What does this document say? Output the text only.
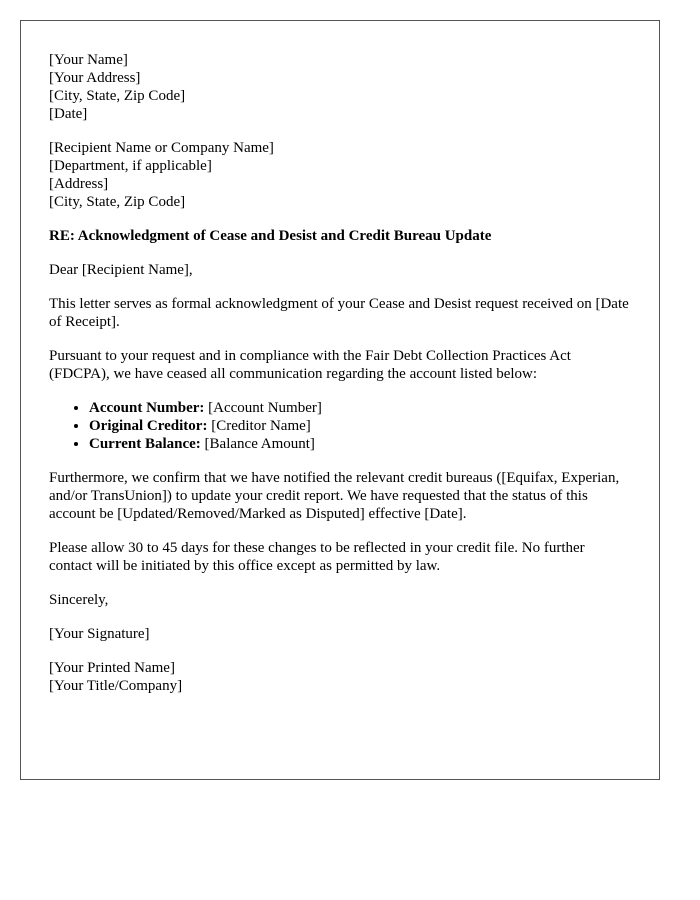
[Your Name]
[Your Address]
[City, State, Zip Code]
[Date]
[Recipient Name or Company Name]
[Department, if applicable]
[Address]
[City, State, Zip Code]
RE: Acknowledgment of Cease and Desist and Credit Bureau Update

Dear [Recipient Name],

This letter serves as formal acknowledgment of your Cease and Desist request received on [Date of Receipt].

Pursuant to your request and in compliance with the Fair Debt Collection Practices Act (FDCPA), we have ceased all communication regarding the account listed below:

• Account Number: [Account Number]
• Original Creditor: [Creditor Name]
• Current Balance: [Balance Amount]

Furthermore, we confirm that we have notified the relevant credit bureaus ([Equifax, Experian, and/or TransUnion]) to update your credit report. We have requested that the status of this account be [Updated/Removed/Marked as Disputed] effective [Date].

Please allow 30 to 45 days for these changes to be reflected in your credit file. No further contact will be initiated by this office except as permitted by law.

Sincerely,

[Your Signature]

[Your Printed Name]
[Your Title/Company]
